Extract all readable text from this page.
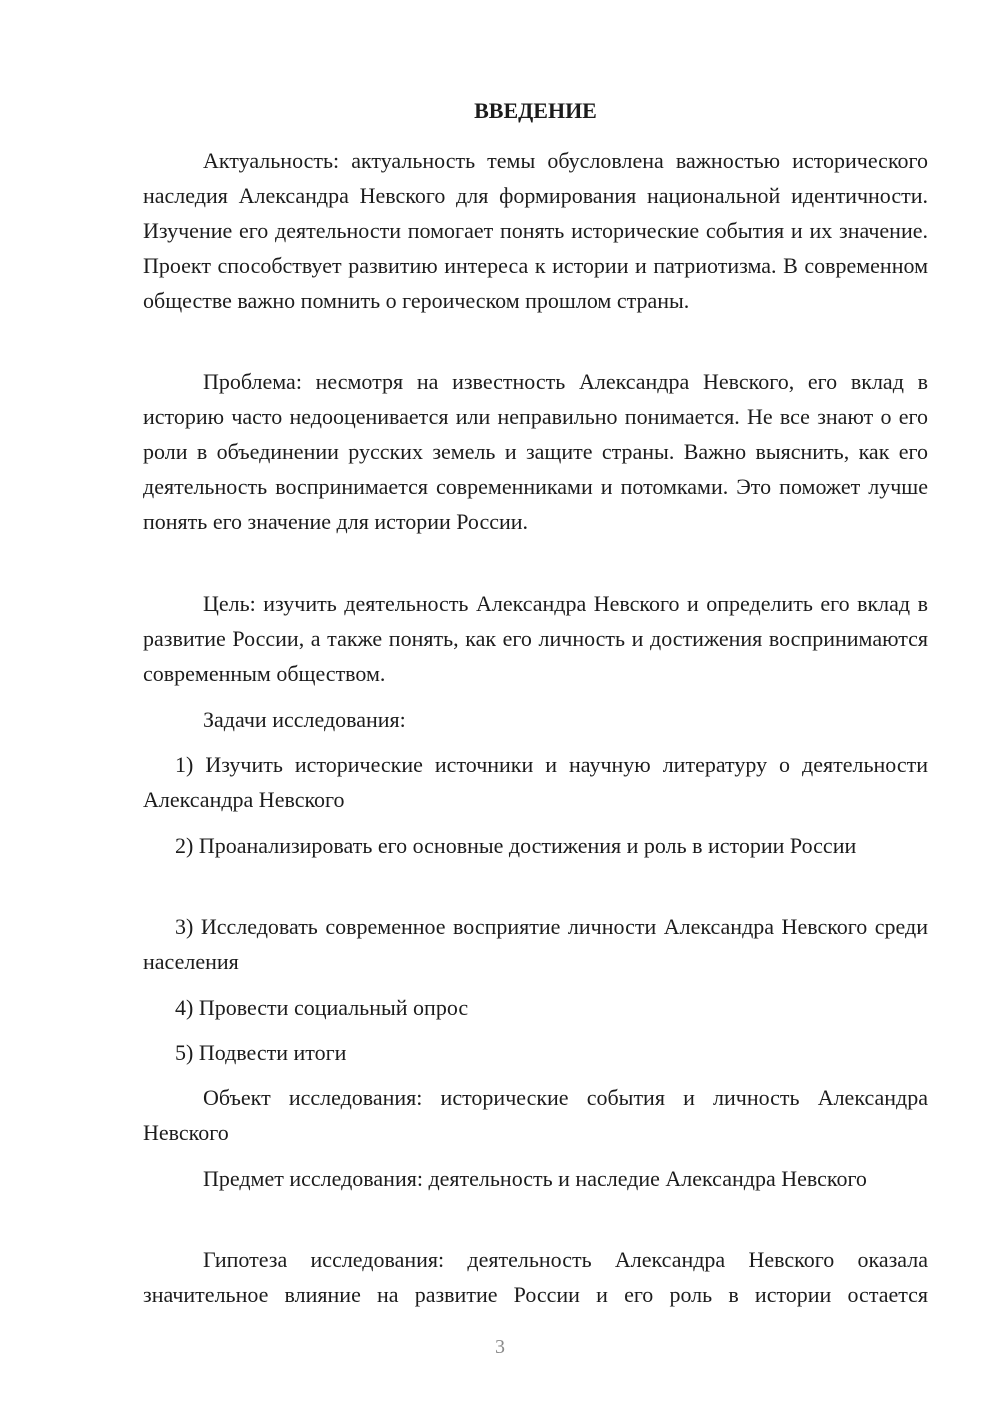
ВВЕДЕНИЕ

Актуальность: актуальность темы обусловлена важностью исторического наследия Александра Невского для формирования национальной идентичности. Изучение его деятельности помогает понять исторические события и их значение. Проект способствует развитию интереса к истории и патриотизма. В современном обществе важно помнить о героическом прошлом страны.

Проблема: несмотря на известность Александра Невского, его вклад в историю часто недооценивается или неправильно понимается. Не все знают о его роли в объединении русских земель и защите страны. Важно выяснить, как его деятельность воспринимается современниками и потомками. Это поможет лучше понять его значение для истории России.

Цель: изучить деятельность Александра Невского и определить его вклад в развитие России, а также понять, как его личность и достижения воспринимаются современным обществом.

Задачи исследования:

1) Изучить исторические источники и научную литературу о деятельности Александра Невского

2) Проанализировать его основные достижения и роль в истории России

3) Исследовать современное восприятие личности Александра Невского среди населения

4) Провести социальный опрос

5) Подвести итоги

Объект исследования: исторические события и личность Александра Невского

Предмет исследования: деятельность и наследие Александра Невского

Гипотеза исследования: деятельность Александра Невского оказала значительное влияние на развитие России и его роль в истории остается

3
